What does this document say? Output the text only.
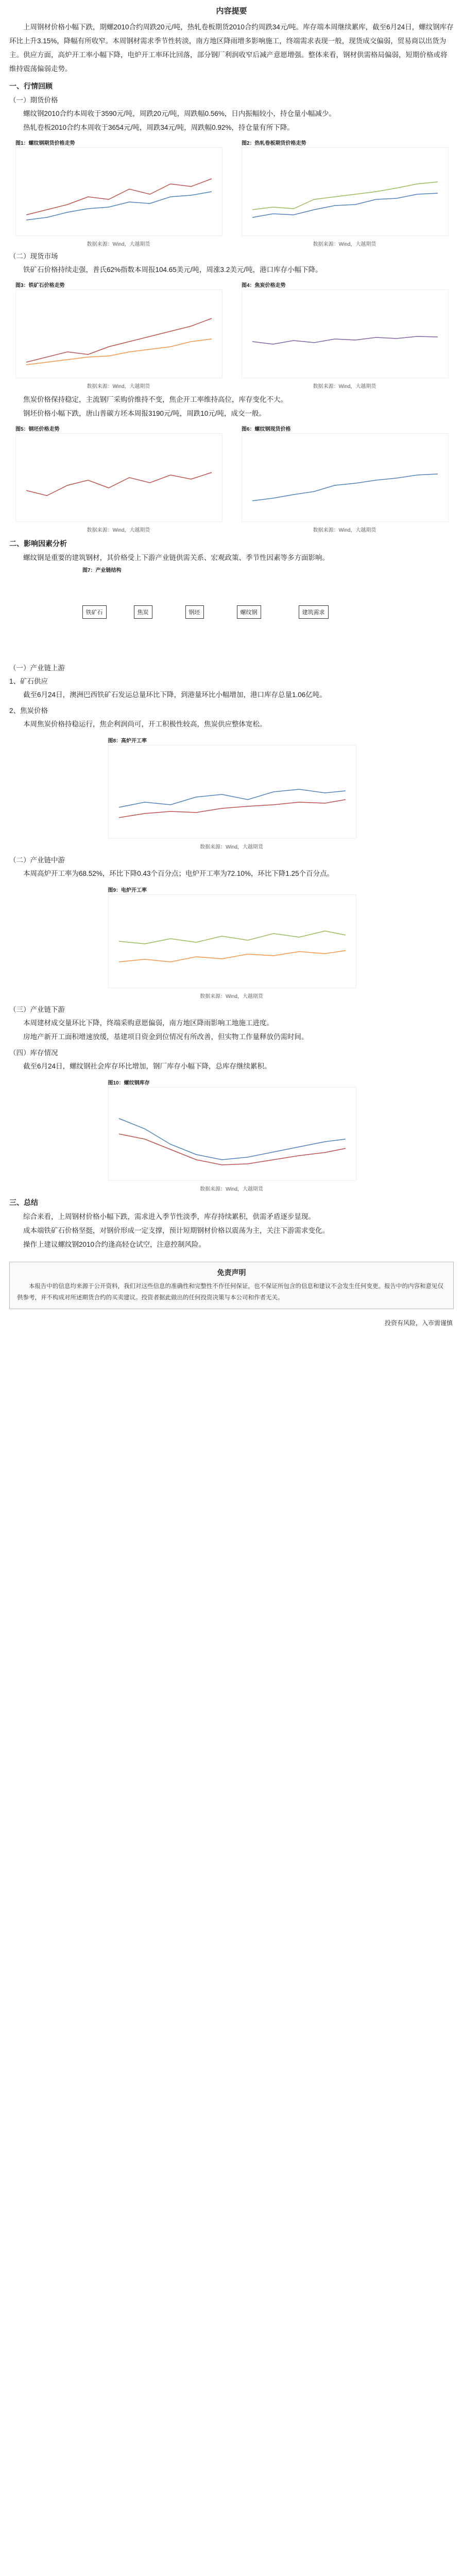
内容提要

上周钢材价格小幅下跌，期螺2010合约周跌20元/吨，热轧卷板期货2010合约周跌34元/吨。库存端本周继续累库，截至6月24日，螺纹钢库存环比上升3.15%，降幅有所收窄。本周钢材需求季节性转淡，南方地区降雨增多影响施工，终端需求表现一般，现货成交偏弱，贸易商以出货为主。供应方面，高炉开工率小幅下降，电炉开工率环比回落，部分钢厂利润收窄后减产意愿增强。整体来看，钢材供需格局偏弱，短期价格或将维持震荡偏弱走势。

一、行情回顾
（一）期货价格

螺纹钢2010合约本周收于3590元/吨，周跌20元/吨，周跌幅0.56%，日内振幅较小，持仓量小幅减少。

热轧卷板2010合约本周收于3654元/吨，周跌34元/吨，周跌幅0.92%，持仓量有所下降。

图1：螺纹钢期货价格走势
数据来源：Wind，大越期货
图2：热轧卷板期货价格走势
数据来源：Wind，大越期货
（二）现货市场

铁矿石价格持续走强，普氏62%指数本周报104.65美元/吨，周涨3.2美元/吨，港口库存小幅下降。

图3：铁矿石价格走势
数据来源：Wind，大越期货
图4：焦炭价格走势
数据来源：Wind，大越期货

焦炭价格保持稳定，主流钢厂采购价维持不变，焦企开工率维持高位，库存变化不大。

钢坯价格小幅下跌，唐山普碳方坯本周报3190元/吨，周跌10元/吨，成交一般。

图5：钢坯价格走势
数据来源：Wind，大越期货
图6：螺纹钢现货价格
数据来源：Wind，大越期货
二、影响因素分析

螺纹钢是重要的建筑钢材，其价格受上下游产业链供需关系、宏观政策、季节性因素等多方面影响。

图7：产业链结构
铁矿石	焦炭	钢坯	螺纹钢	建筑需求
（一）产业链上游
1、矿石供应

截至6月24日，澳洲巴西铁矿石发运总量环比下降，到港量环比小幅增加，港口库存总量1.06亿吨。

2、焦炭价格

本周焦炭价格持稳运行，焦企利润尚可，开工积极性较高，焦炭供应整体宽松。

图8：高炉开工率
数据来源：Wind，大越期货
（二）产业链中游

本周高炉开工率为68.52%，环比下降0.43个百分点；电炉开工率为72.10%，环比下降1.25个百分点。

图9：电炉开工率
数据来源：Wind，大越期货
（三）产业链下游

本周建材成交量环比下降，终端采购意愿偏弱，南方地区降雨影响工地施工进度。

房地产新开工面积增速放缓，基建项目资金到位情况有所改善，但实物工作量释放仍需时间。

（四）库存情况

截至6月24日，螺纹钢社会库存环比增加，钢厂库存小幅下降，总库存继续累积。

图10：螺纹钢库存
数据来源：Wind，大越期货
三、总结

综合来看，上周钢材价格小幅下跌，需求进入季节性淡季，库存持续累积，供需矛盾逐步显现。

成本端铁矿石价格坚挺，对钢价形成一定支撑，预计短期钢材价格以震荡为主，关注下游需求变化。

操作上建议螺纹钢2010合约逢高轻仓试空，注意控制风险。

免责声明
本报告中的信息均来源于公开资料，我们对这些信息的准确性和完整性不作任何保证，也不保证所包含的信息和建议不会发生任何变更。报告中的内容和意见仅供参考，并不构成对所述期货合约的买卖建议。投资者据此做出的任何投资决策与本公司和作者无关。
投资有风险，入市需谨慎
